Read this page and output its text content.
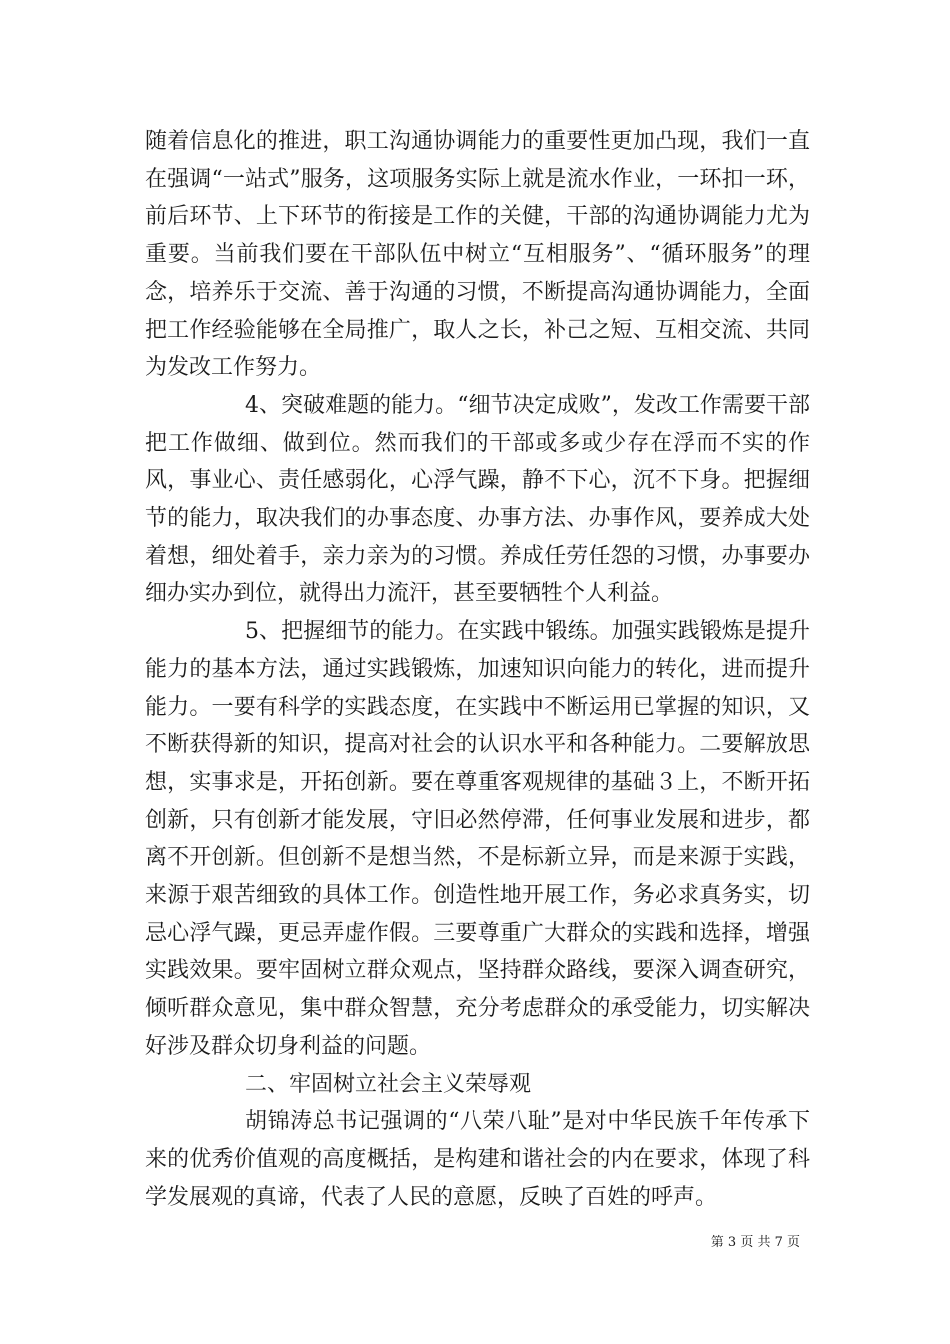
随着信息化的推进，职工沟通协调能力的重要性更加凸现，我们一直在强调“一站式”服务，这项服务实际上就是流水作业，一环扣一环，前后环节、上下环节的衔接是工作的关健，干部的沟通协调能力尤为重要。当前我们要在干部队伍中树立“互相服务”、“循环服务”的理念，培养乐于交流、善于沟通的习惯，不断提高沟通协调能力，全面把工作经验能够在全局推广，取人之长，补己之短、互相交流、共同为发改工作努力。

4、突破难题的能力。“细节决定成败”，发改工作需要干部把工作做细、做到位。然而我们的干部或多或少存在浮而不实的作风，事业心、责任感弱化，心浮气躁，静不下心，沉不下身。把握细节的能力，取决我们的办事态度、办事方法、办事作风，要养成大处着想，细处着手，亲力亲为的习惯。养成任劳任怨的习惯，办事要办细办实办到位，就得出力流汗，甚至要牺牲个人利益。

5、把握细节的能力。在实践中锻练。加强实践锻炼是提升能力的基本方法，通过实践锻炼，加速知识向能力的转化，进而提升能力。一要有科学的实践态度，在实践中不断运用已掌握的知识，又不断获得新的知识，提高对社会的认识水平和各种能力。二要解放思想，实事求是，开拓创新。要在尊重客观规律的基础３上，不断开拓创新，只有创新才能发展，守旧必然停滞，任何事业发展和进步，都离不开创新。但创新不是想当然，不是标新立异，而是来源于实践，来源于艰苦细致的具体工作。创造性地开展工作，务必求真务实，切忌心浮气躁，更忌弄虚作假。三要尊重广大群众的实践和选择，增强实践效果。要牢固树立群众观点，坚持群众路线，要深入调查研究，倾听群众意见，集中群众智慧，充分考虑群众的承受能力，切实解决好涉及群众切身利益的问题。

二、牢固树立社会主义荣辱观

胡锦涛总书记强调的“八荣八耻”是对中华民族千年传承下来的优秀价值观的高度概括，是构建和谐社会的内在要求，体现了科学发展观的真谛，代表了人民的意愿，反映了百姓的呼声。

第 3 页 共 7 页
